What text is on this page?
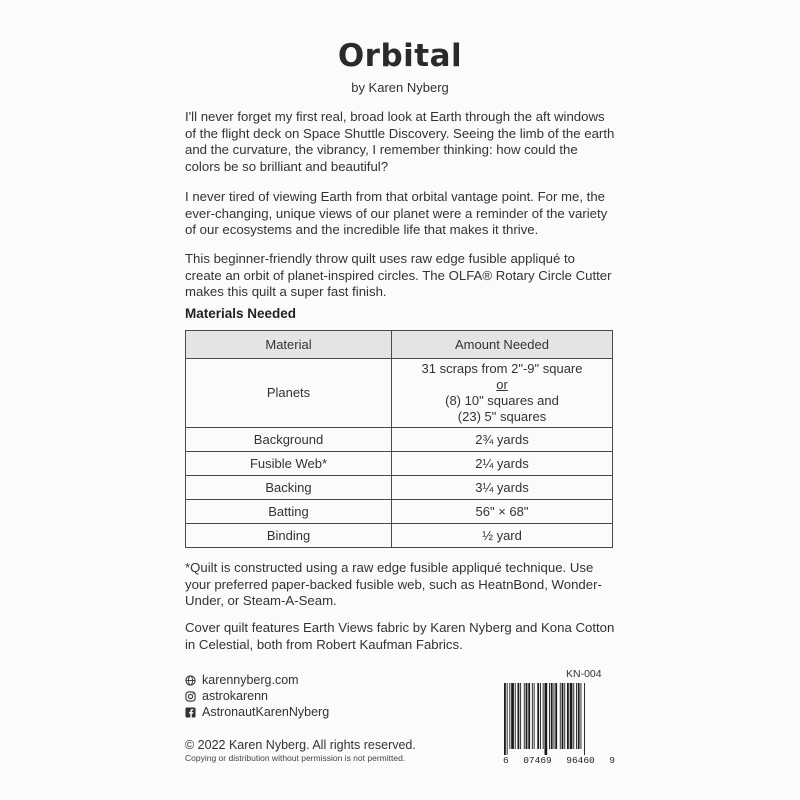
Orbital
by Karen Nyberg
I'll never forget my first real, broad look at Earth through the aft windows of the flight deck on Space Shuttle Discovery. Seeing the limb of the earth and the curvature, the vibrancy, I remember thinking: how could the colors be so brilliant and beautiful?
I never tired of viewing Earth from that orbital vantage point. For me, the ever-changing, unique views of our planet were a reminder of the variety of our ecosystems and the incredible life that makes it thrive.
This beginner-friendly throw quilt uses raw edge fusible appliqué to create an orbit of planet-inspired circles. The OLFA® Rotary Circle Cutter makes this quilt a super fast finish.
Materials Needed
Material	Amount Needed
Planets	31 scraps from 2"-9" square
or
(8) 10" squares and
(23) 5" squares

Background	2¾ yards
Fusible Web*	2¼ yards
Backing	3¼ yards
Batting	56" × 68"
Binding	½ yard
*Quilt is constructed using a raw edge fusible appliqué technique. Use your preferred paper-backed fusible web, such as HeatnBond, Wonder-Under, or Steam-A-Seam.
Cover quilt features Earth Views fabric by Karen Nyberg and Kona Cotton in Celestial, both from Robert Kaufman Fabrics.
karennyberg.com
astrokarenn
AstronautKarenNyberg
© 2022 Karen Nyberg. All rights reserved.
Copying or distribution without permission is not permitted.
KN-004
6 07469 96460 9
